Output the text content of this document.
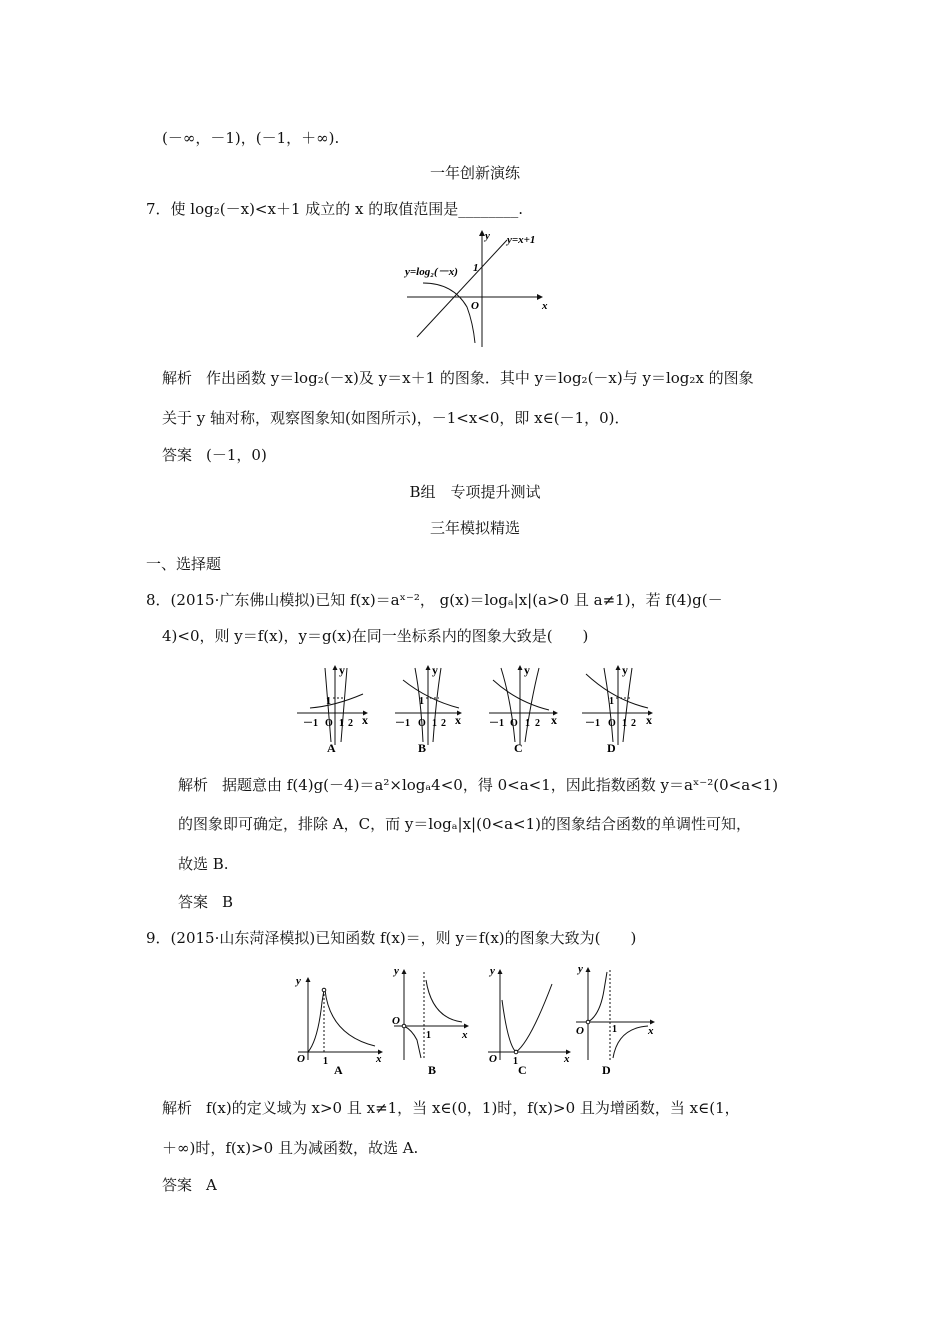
(－∞，－1)，(－1，＋∞).
一年创新演练
7．使 log₂(－x)<x＋1 成立的 x 的取值范围是________.
y
x
O
1
y=x+1
y=log₂(－x)
解析 作出函数 y＝log₂(－x)及 y＝x＋1 的图象．其中 y＝log₂(－x)与 y＝log₂x 的图象
关于 y 轴对称，观察图象知(如图所示)，－1<x<0，即 x∈(－1，0)．
答案 (－1，0)
B组　专项提升测试
三年模拟精选
一、选择题
8．(2015·广东佛山模拟)已知 f(x)＝aˣ⁻²， g(x)＝logₐ|x|(a>0 且 a≠1)，若 f(4)g(－
4)<0，则 y＝f(x)，y＝g(x)在同一坐标系内的图象大致是(　　)
y
1
－1 O 1 2 x
A
y
1
－1 O 1 2 x
B
y
－1 O 1 2 x
C
y
1
－1 O 1 2 x
D
解析 据题意由 f(4)g(－4)＝a²×logₐ4<0，得 0<a<1，因此指数函数 y＝aˣ⁻²(0<a<1)
的图象即可确定，排除 A，C，而 y＝logₐ|x|(0<a<1)的图象结合函数的单调性可知，
故选 B.
答案 B
9．(2015·山东菏泽模拟)已知函数 f(x)＝，则 y＝f(x)的图象大致为(　　)
y
O 1	x
A
y
O
1	x
B
y
O 1	x
C
y
O	1	x
D
解析 f(x)的定义域为 x>0 且 x≠1，当 x∈(0，1)时，f(x)>0 且为增函数，当 x∈(1，
＋∞)时，f(x)>0 且为减函数，故选 A.
答案 A
